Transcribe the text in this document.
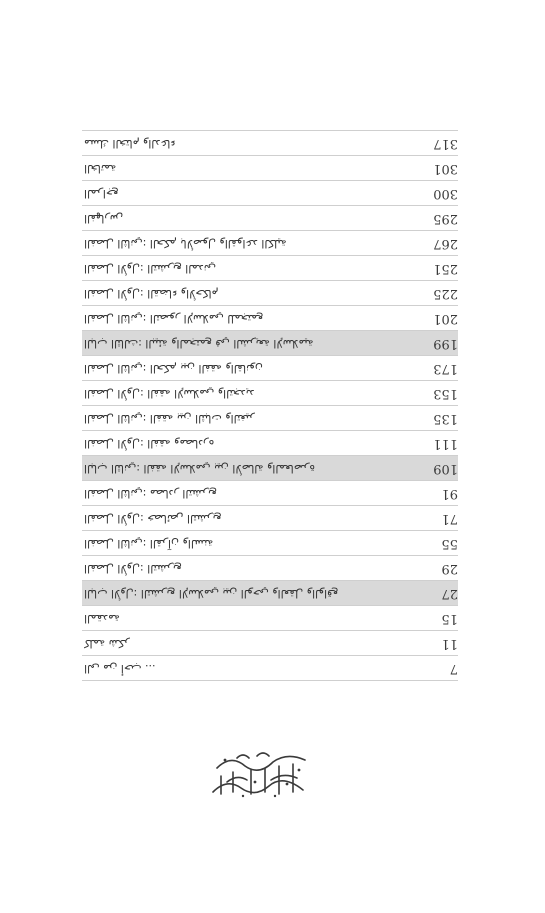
مسك الختام والدعاء	317
الخاتمة	301
المراجع	300
الفهارس	295
الفصل الثاني: الحكم بالأصول والقواعد الكلية	267
الفصل الأول: التشريع المدني	251
الفصل الأول: القضاء والأحكام	225
الفصل الثاني: التصور الإسلامي للمجتمع	201
الباب الثالث: البيئة والمجتمع في الشريعة الإسلامية	199
الفصل الثاني: الحكم بين الفقه والقانون	173
الفصل الأول: الفقه الإسلامي والتجديد	153
الفصل الثاني: الفقه بين الثبات والتغير	135
الفصل الأول: الفقه ومصادره	111
الباب الثاني: الفقه الإسلامي بين الأصالة والمعاصرة	109
الفصل الثاني: مصادر التشريع	91
الفصل الأول: خصائص التشريع	71
الفصل الثاني: القرآن والسنة	55
الفصل الأول: التشريع	29
الباب الأول: التشريع الإسلامي بين الوحي والعقل والواقع	27
المقدمة	15
كلمة شكر	11
... الى من أحب	7
